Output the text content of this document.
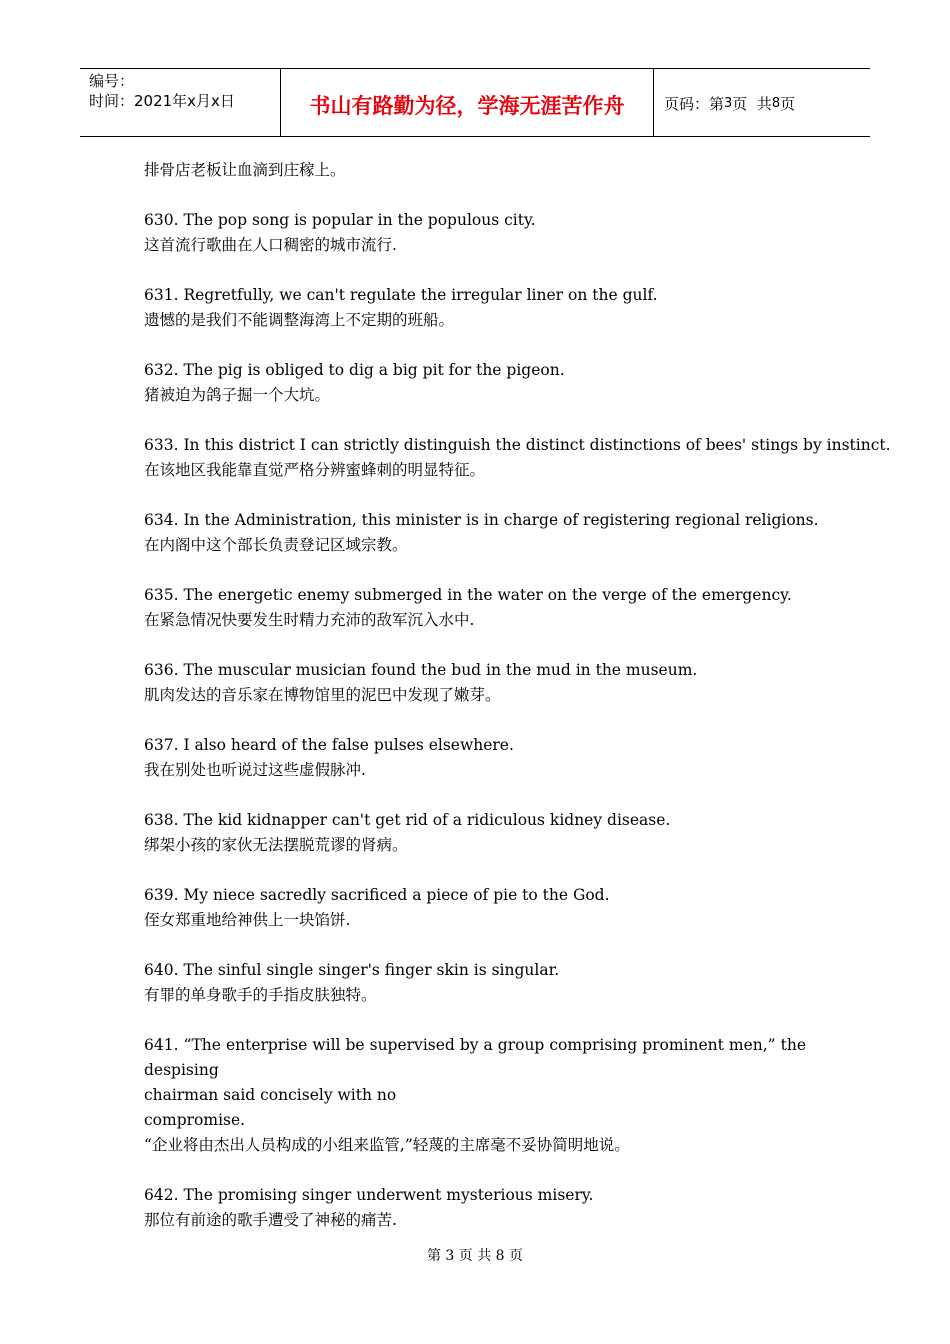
编号：
时间：2021年x月x日	书山有路勤为径，学海无涯苦作舟	页码：第 3 页  共 8 页
排骨店老板让血滴到庄稼上。
630. The pop song is popular in the populous city.
这首流行歌曲在人口稠密的城市流行.
631. Regretfully, we can't regulate the irregular liner on the gulf.
遗憾的是我们不能调整海湾上不定期的班船。
632. The pig is obliged to dig a big pit for the pigeon.
猪被迫为鸽子掘一个大坑。
633. In this district I can strictly distinguish the distinct distinctions of bees' stings by instinct.
在该地区我能靠直觉严格分辨蜜蜂刺的明显特征。
634. In the Administration, this minister is in charge of registering regional religions.
在内阁中这个部长负责登记区域宗教。
635. The energetic enemy submerged in the water on the verge of the emergency.
在紧急情况快要发生时精力充沛的敌军沉入水中.
636. The muscular musician found the bud in the mud in the museum.
肌肉发达的音乐家在博物馆里的泥巴中发现了嫩芽。
637. I also heard of the false pulses elsewhere.
我在别处也听说过这些虚假脉冲.
638. The kid kidnapper can't get rid of a ridiculous kidney disease.
绑架小孩的家伙无法摆脱荒谬的肾病。
639. My niece sacredly sacrificed a piece of pie to the God.
侄女郑重地给神供上一块馅饼.
640. The sinful single singer's finger skin is singular.
有罪的单身歌手的手指皮肤独特。
641. “The enterprise will be supervised by a group comprising prominent men,” the despising
chairman said concisely with no
compromise.
“企业将由杰出人员构成的小组来监管,”轻蔑的主席毫不妥协简明地说。
642. The promising singer underwent mysterious misery.
那位有前途的歌手遭受了神秘的痛苦.
第 3 页 共 8 页
